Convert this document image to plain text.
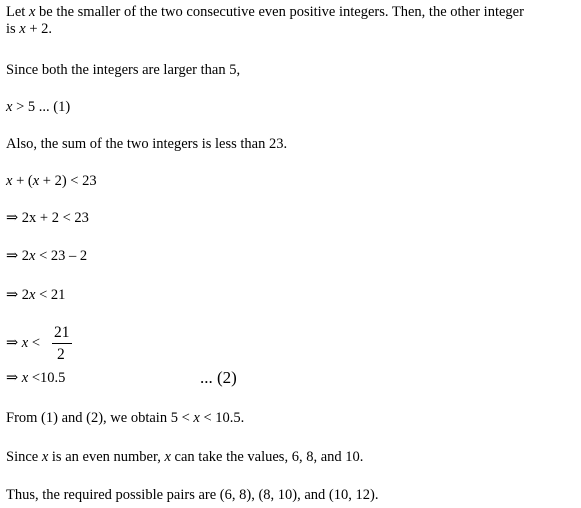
Let x be the smaller of the two consecutive even positive integers. Then, the other integer
is x + 2.
Since both the integers are larger than 5,
x > 5 ... (1)
Also, the sum of the two integers is less than 23.
x + (x + 2) < 23
⇒ 2x + 2 < 23
⇒ 2x < 23 – 2
⇒ 2x < 21
⇒ x <
21
2
⇒ x <10.5	... (2)
From (1) and (2), we obtain 5 < x < 10.5.
Since x is an even number, x can take the values, 6, 8, and 10.
Thus, the required possible pairs are (6, 8), (8, 10), and (10, 12).
